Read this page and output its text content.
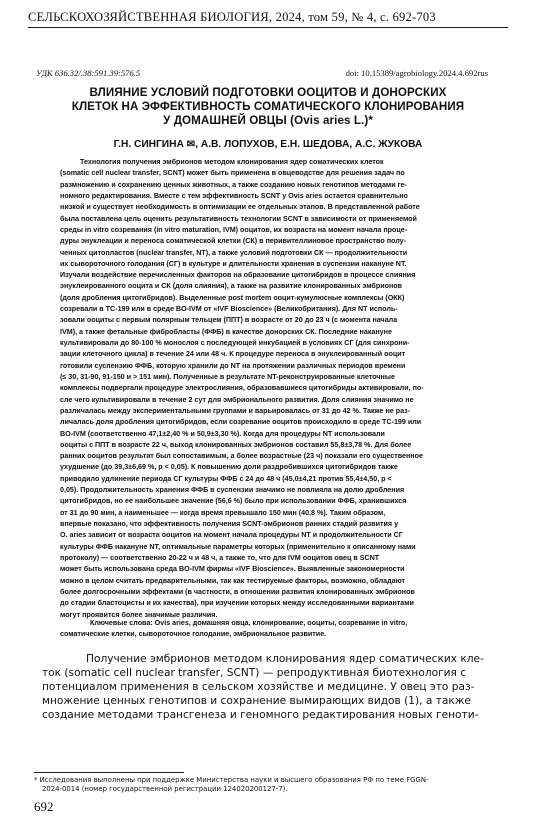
СЕЛЬСКОХОЗЯЙСТВЕННАЯ БИОЛОГИЯ, 2024, том 59, № 4, с. 692-703
УДК 636.32/.38:591.39:576.5	doi: 10.15389/agrobiology.2024.4.692rus
ВЛИЯНИЕ УСЛОВИЙ ПОДГОТОВКИ ООЦИТОВ И ДОНОРСКИХ
КЛЕТОК НА ЭФФЕКТИВНОСТЬ СОМАТИЧЕСКОГО КЛОНИРОВАНИЯ
У ДОМАШНЕЙ ОВЦЫ (Ovis aries L.)*
Г.Н. СИНГИНА ✉, А.В. ЛОПУХОВ, Е.Н. ШЕДОВА, А.С. ЖУКОВА
Технология получения эмбрионов методом клонирования ядер соматических клеток
(somatic cell nuclear transfer, SCNT) может быть применена в овцеводстве для решения задач по
размножению и сохранению ценных животных, а также созданию новых генотипов методами ге-
номного редактирования. Вместе с тем эффективность SCNT у Ovis aries остается сравнительно
низкой и существует необходимость в оптимизации ее отдельных этапов. В представленной работе
была поставлена цель оценить результативность технологии SCNT в зависимости от применяемой
среды in vitro созревания (in vitro maturation, IVM) ооцитов, их возраста на момент начала проце-
дуры энуклеации и переноса соматической клетки (СК) в перивителлиновое пространство полу-
ченных цитопластов (nuclear transfer, NT), а также условий подготовки СК — продолжительности
их сывороточного голодания (СГ) в культуре и длительности хранения в суспензии накануне NT.
Изучали воздействие перечисленных факторов на образование цитогибридов в процессе слияния
энуклеированного ооцита и СК (доля слияния), а также на развитие клонированных эмбрионов
(доля дробления цитогибридов). Выделенные post mortem ооцит-кумулюсные комплексы (ОКК)
созревали в ТС-199 или в среде BO-IVM от «IVF Bioscience» (Великобритания). Для NT исполь-
зовали ооциты с первым полярным тельцем (ППТ) в возрасте от 20 до 23 ч (с момента начала
IVM), а также фетальные фибробласты (ФФБ) в качестве донорских СК. Последние накануне
культивировали до 80-100 % монослоя с последующей инкубацией в условиях СГ (для синхрони-
зации клеточного цикла) в течение 24 или 48 ч. К процедуре переноса в энуклеированный ооцит
готовили суспензию ФФБ, которую хранили до NT на протяжении различных периодов времени
(≤ 30, 31-90, 91-150 и > 151 мин). Полученные в результате NT-реконструированные клеточные
комплексы подвергали процедуре электрослияния, образовавшиеся цитогибриды активировали, по-
сле чего культивировали в течение 2 сут для эмбрионального развития. Доля слияния значимо не
различалась между экспериментальными группами и варьировалась от 31 до 42 %. Также не раз-
личалась доля дробления цитогибридов, если созревание ооцитов происходило в среде ТС-199 или
BO-IVM (соответственно 47,1±2,40 % и 50,9±3,30 %). Когда для процедуры NT использовали
ооциты с ППТ в возрасте 22 ч, выход клонированных эмбрионов составил 55,8±3,78 %. Для более
ранних ооцитов результат был сопоставимым, а более возрастные (23 ч) показали его существенное
ухудшение (до 39,3±6,69 %, p < 0,05). К повышению доли раздробившихся цитогибридов также
приводило удлинение периода СГ культуры ФФБ с 24 до 48 ч (45,0±4,21 против 55,4±4,50, p <
0,05). Продолжительность хранения ФФБ в суспензии значимо не повлияла на долю дробления
цитогибридов, но ее наибольшее значение (56,6 %) было при использовании ФФБ, хранившихся
от 31 до 90 мин, а наименьшее — когда время превышало 150 мин (40,8 %). Таким образом,
впервые показано, что эффективность получения SCNT-эмбрионов ранних стадий развития у
O. aries зависит от возраста ооцитов на момент начала процедуры NT и продолжительности СГ
культуры ФФБ накануне NT, оптимальные параметры которых (применительно к описанному нами
протоколу) — соответственно 20-22 ч и 48 ч, а также то, что для IVM ооцитов овец в SCNT
может быть использована среда BO-IVM фирмы «IVF Bioscience». Выявленные закономерности
можно в целом считать предварительными, так как тестируемые факторы, возможно, обладают
более долгосрочными эффектами (в частности, в отношении развития клонированных эмбрионов
до стадии бластоцисты и их качества), при изучении которых между исследованными вариантами
могут проявится более значимые различия.
Ключевые слова: Ovis aries, домашняя овца, клонирование, ооциты, созревание in vitro,
соматические клетки, сывороточное голодание, эмбриональное развитие.
Получение эмбрионов методом клонирования ядер соматических кле-
ток (somatic cell nuclear transfer, SCNT) — репродуктивная биотехнология с
потенциалом применения в сельском хозяйстве и медицине. У овец это раз-
множение ценных генотипов и сохранение вымирающих видов (1), а также
создание методами трансгенеза и геномного редактирования новых геноти-
* Исследования выполнены при поддержке Министерства науки и высшего образования РФ по теме FGGN-
2024-0014 (номер государственной регистрации 124020200127-7).
692
